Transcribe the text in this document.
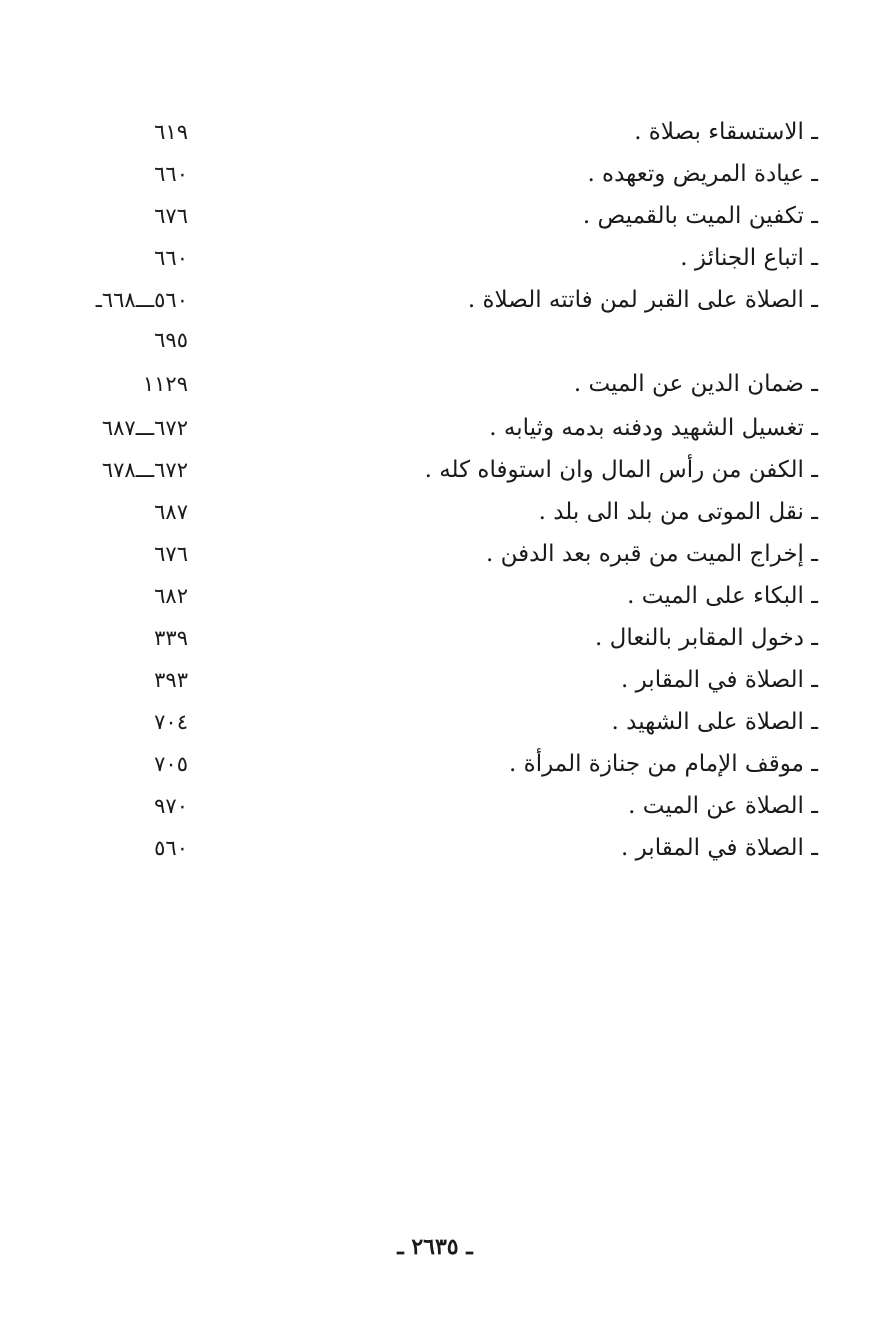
ـ الاستسقاء بصلاة .
٦١٩
ـ عيادة المريض وتعهده .
٦٦٠
ـ تكفين الميت بالقميص .
٦٧٦
ـ اتباع الجنائز .
٦٦٠
ـ الصلاة على القبر لمن فاتته الصلاة .
٥٦٠ـــ٦٦٨ـ
٦٩٥
ـ ضمان الدين عن الميت .
١١٢٩
ـ تغسيل الشهيد ودفنه بدمه وثيابه .
٦٧٢ـــ٦٨٧
ـ الكفن من رأس المال وان استوفاه كله .
٦٧٢ـــ٦٧٨
ـ نقل الموتى من بلد الى بلد .
٦٨٧
ـ إخراج الميت من قبره بعد الدفن .
٦٧٦
ـ البكاء على الميت .
٦٨٢
ـ دخول المقابر بالنعال .
٣٣٩
ـ الصلاة في المقابر .
٣٩٣
ـ الصلاة على الشهيد .
٧٠٤
ـ موقف الإمام من جنازة المرأة .
٧٠٥
ـ الصلاة عن الميت .
٩٧٠
ـ الصلاة في المقابر .
٥٦٠
ـ ٢٦٣٥ ـ
